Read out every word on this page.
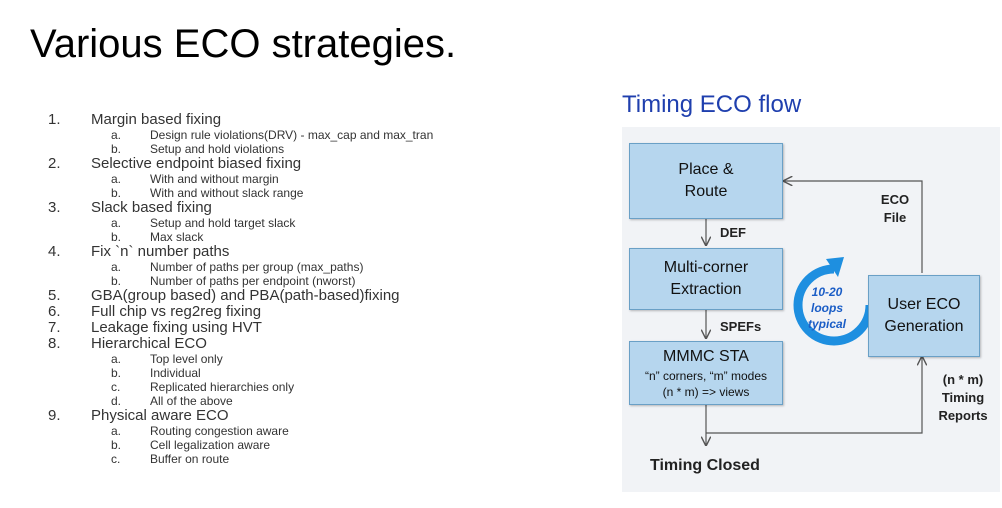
Various ECO strategies.
1.	Margin based fixing
a.	Design rule violations(DRV) - max_cap and max_tran
b.	Setup and hold violations
2.	Selective endpoint biased fixing
a.	With and without margin
b.	With and without slack range
3.	Slack based fixing
a.	Setup and hold target slack
b.	Max slack
4.	Fix `n` number paths
a.	Number of paths per group (max_paths)
b.	Number of paths per endpoint (nworst)
5.	GBA(group based) and PBA(path-based)fixing
6.	Full chip vs reg2reg fixing
7.	Leakage fixing using HVT
8.	Hierarchical ECO
a.	Top level only
b.	Individual
c.	Replicated hierarchies only
d.	All of the above
9.	Physical aware ECO
a.	Routing congestion aware
b.	Cell legalization aware
c.	Buffer on route
Timing ECO flow
Place &
Route
Multi-corner
Extraction
MMMC STA
“n” corners, “m” modes
(n * m) => views
User ECO
Generation
DEF
SPEFs
ECO
File
(n * m)
Timing
Reports
10-20
loops
typical
Timing Closed
